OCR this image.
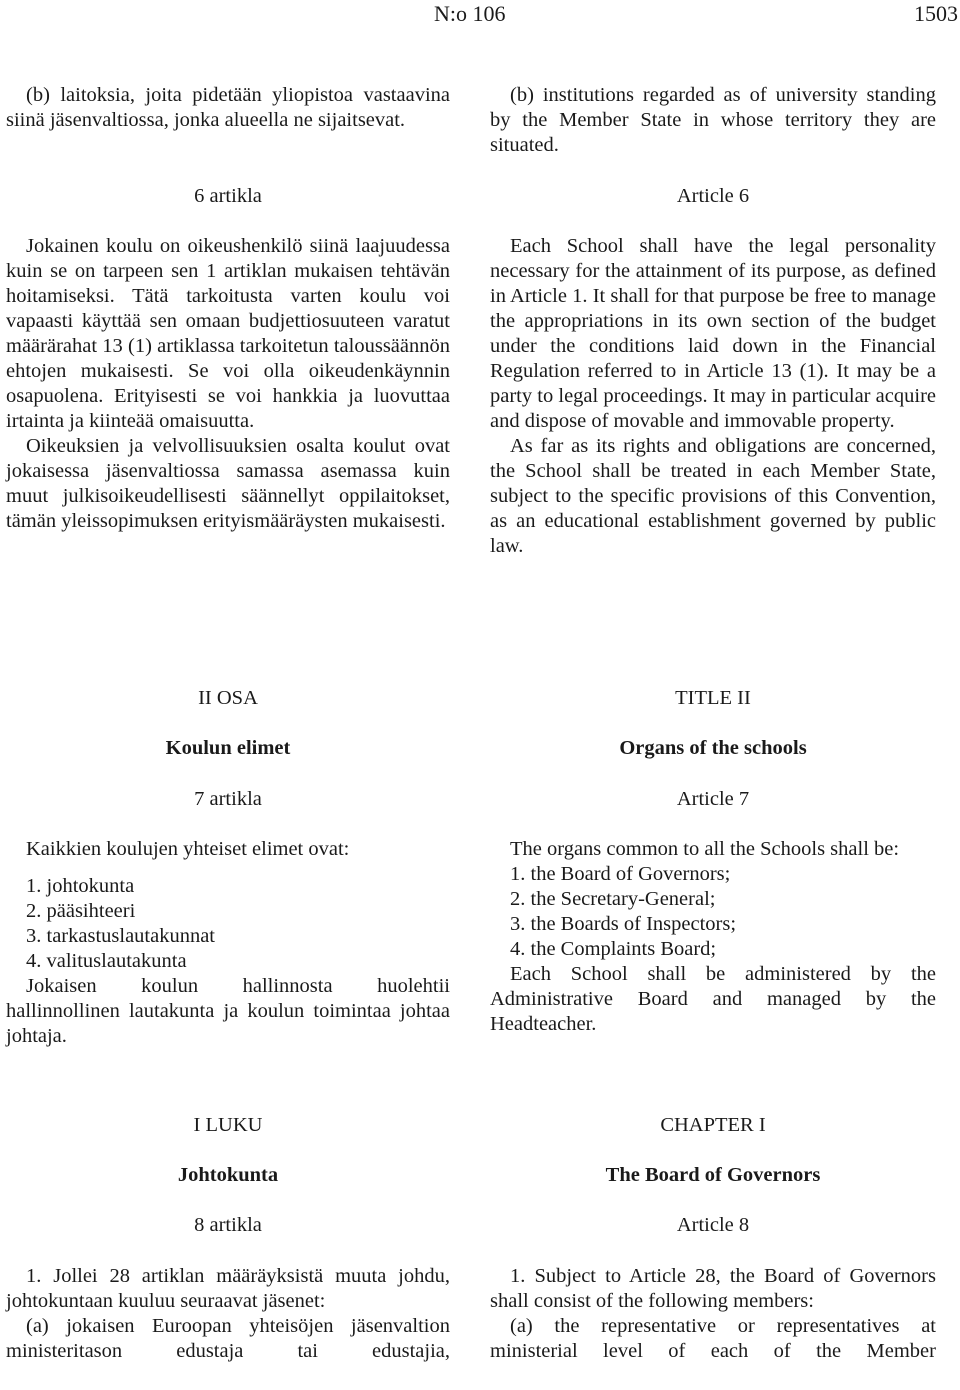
N:o 106	1503

(b) laitoksia, joita pidetään yliopistoa vastaavina siinä jäsenvaltiossa, jonka alueella ne sijaitsevat.

6 artikla

Jokainen koulu on oikeushenkilö siinä laajuudessa kuin se on tarpeen sen 1 artiklan mukaisen tehtävän hoitamiseksi. Tätä tarkoitusta varten koulu voi vapaasti käyttää sen omaan budjettiosuuteen varatut määrärahat 13 (1) artiklassa tarkoitetun taloussäännön ehtojen mukaisesti. Se voi olla oikeudenkäynnin osapuolena. Erityisesti se voi hankkia ja luovuttaa irtainta ja kiinteää omaisuutta.

Oikeuksien ja velvollisuuksien osalta koulut ovat jokaisessa jäsenvaltiossa samassa asemassa kuin muut julkisoikeudellisesti säännellyt oppilaitokset, tämän yleissopimuksen erityismääräysten mukaisesti.

II OSA

Koulun elimet

7 artikla

Kaikkien koulujen yhteiset elimet ovat:

1. johtokunta

2. pääsihteeri

3. tarkastuslautakunnat

4. valituslautakunta

Jokaisen koulun hallinnosta huolehtii hallinnollinen lautakunta ja koulun toimintaa johtaa johtaja.

I LUKU

Johtokunta

8 artikla

1. Jollei 28 artiklan määräyksistä muuta johdu, johtokuntaan kuuluu seuraavat jäsenet:

(a) jokaisen Euroopan yhteisöjen jäsenvaltion ministeritason edustaja tai edustajia,

(b) institutions regarded as of university standing by the Member State in whose territory they are situated.

Article 6

Each School shall have the legal personality necessary for the attainment of its purpose, as defined in Article 1. It shall for that purpose be free to manage the appropriations in its own section of the budget under the conditions laid down in the Financial Regulation referred to in Article 13 (1). It may be a party to legal proceedings. It may in particular acquire and dispose of movable and immovable property.

As far as its rights and obligations are concerned, the School shall be treated in each Member State, subject to the specific provisions of this Convention, as an educational establishment governed by public law.

TITLE II

Organs of the schools

Article 7

The organs common to all the Schools shall be:

1. the Board of Governors;

2. the Secretary-General;

3. the Boards of Inspectors;

4. the Complaints Board;

Each School shall be administered by the Administrative Board and managed by the Headteacher.

CHAPTER I

The Board of Governors

Article 8

1. Subject to Article 28, the Board of Governors shall consist of the following members:

(a) the representative or representatives at ministerial level of each of the Member
